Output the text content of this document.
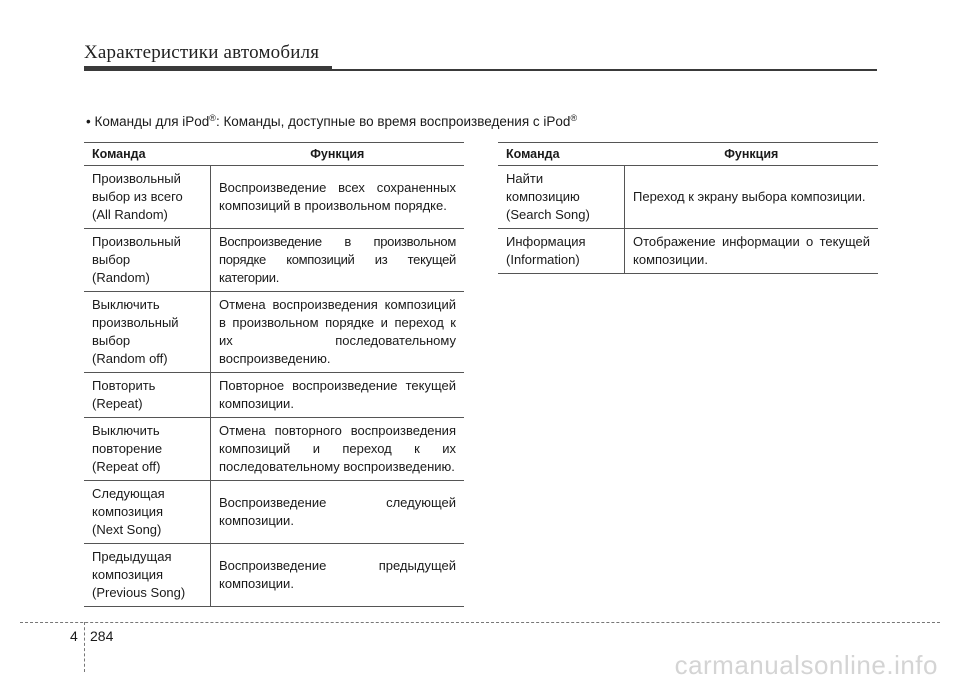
Характеристики автомобиля
• Команды для iPod®: Команды, доступные во время воспроизведения с iPod®
Команда	Функция

Произвольный
выбор из всего
(All Random)	Воспроизведение всех сохраненных композиций в произвольном порядке.

Произвольный
выбор
(Random)	Воспроизведение в произвольном порядке композиций из текущей категории.

Выключить
произвольный
выбор
(Random off)	Отмена воспроизведения композиций в произвольном порядке и переход к их последовательному воспроизведению.

Повторить
(Repeat)	Повторное воспроизведение текущей композиции.

Выключить
повторение
(Repeat off)	Отмена повторного воспроизведения композиций и переход к их последовательному воспроизведению.

Следующая
композиция
(Next Song)	Воспроизведение следующей композиции.

Предыдущая
композиция
(Previous Song)	Воспроизведение предыдущей композиции.
Команда	Функция

Найти
композицию
(Search Song)	Переход к экрану выбора композиции.

Информация
(Information)	Отображение информации о текущей композиции.
4 284
carmanualsonline.info
